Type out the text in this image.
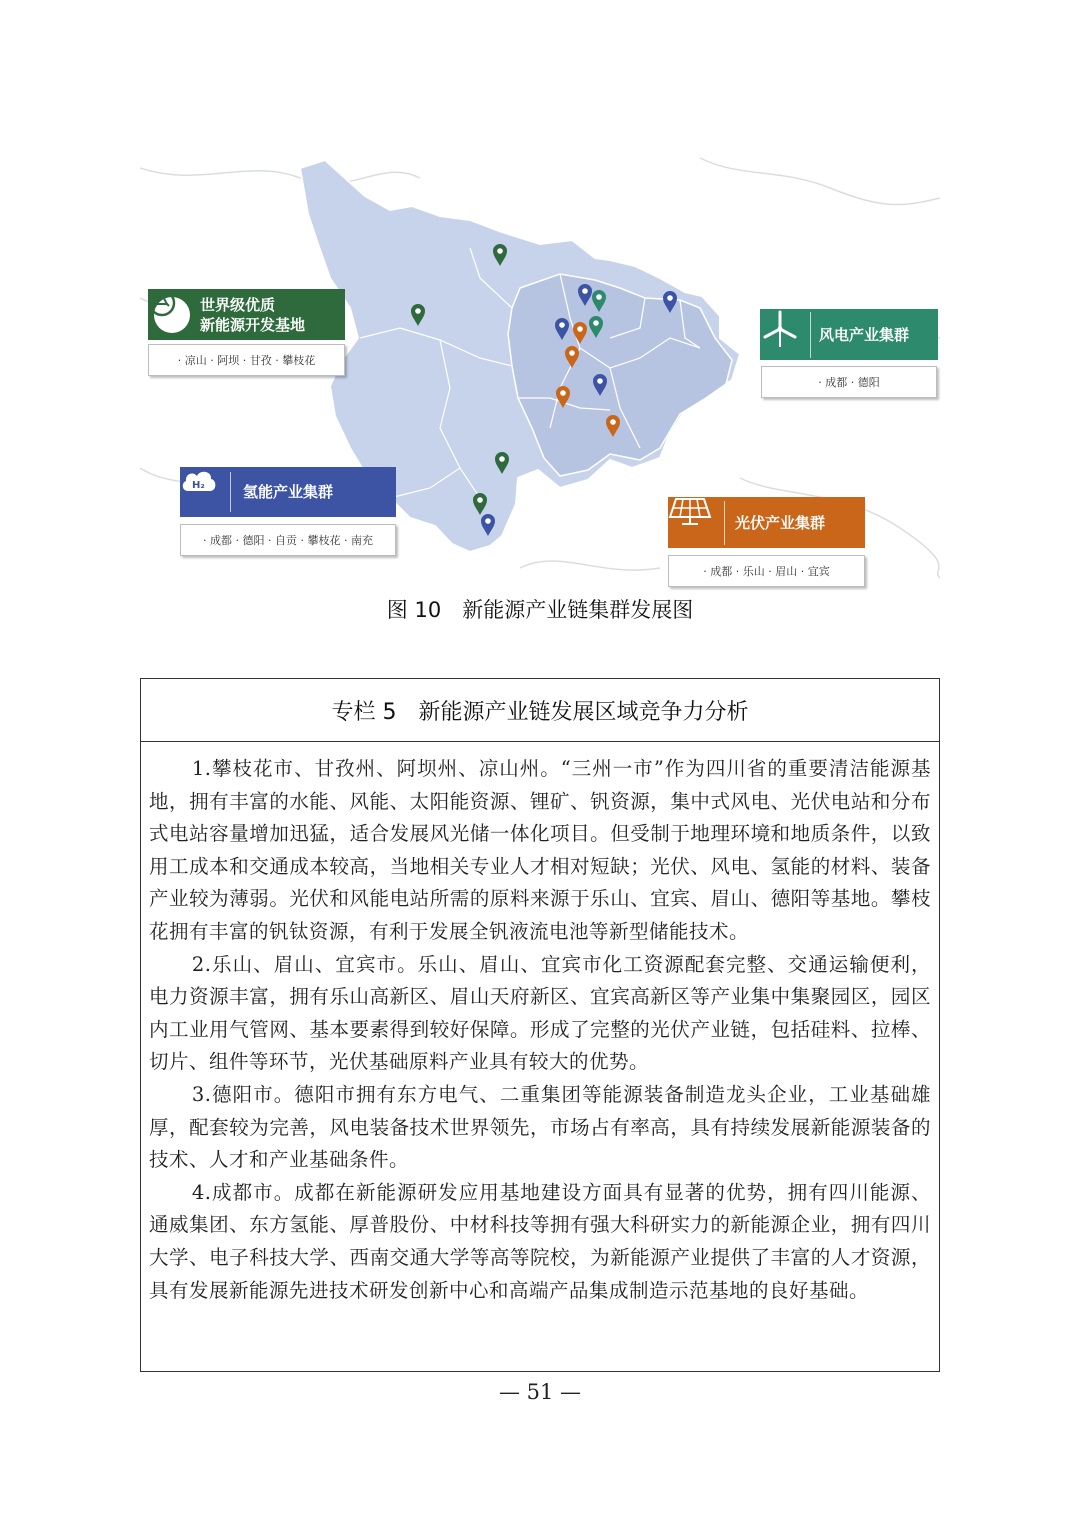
世界级优质
新能源开发基地
· 凉山 · 阿坝 · 甘孜 · 攀枝花
风电产业集群
· 成都 · 德阳
H₂	氢能产业集群
· 成都 · 德阳 · 自贡 · 攀枝花 · 南充
光伏产业集群
· 成都 · 乐山 · 眉山 · 宜宾
图 10　新能源产业链集群发展图
专栏 5　新能源产业链发展区域竞争力分析

1.攀枝花市、甘孜州、阿坝州、凉山州。“三州一市”作为四川省的重要清洁能源基地，拥有丰富的水能、风能、太阳能资源、锂矿、钒资源，集中式风电、光伏电站和分布式电站容量增加迅猛，适合发展风光储一体化项目。但受制于地理环境和地质条件，以致用工成本和交通成本较高，当地相关专业人才相对短缺；光伏、风电、氢能的材料、装备产业较为薄弱。光伏和风能电站所需的原料来源于乐山、宜宾、眉山、德阳等基地。攀枝花拥有丰富的钒钛资源，有利于发展全钒液流电池等新型储能技术。

2.乐山、眉山、宜宾市。乐山、眉山、宜宾市化工资源配套完整、交通运输便利，电力资源丰富，拥有乐山高新区、眉山天府新区、宜宾高新区等产业集中集聚园区，园区内工业用气管网、基本要素得到较好保障。形成了完整的光伏产业链，包括硅料、拉棒、切片、组件等环节，光伏基础原料产业具有较大的优势。

3.德阳市。德阳市拥有东方电气、二重集团等能源装备制造龙头企业，工业基础雄厚，配套较为完善，风电装备技术世界领先，市场占有率高，具有持续发展新能源装备的技术、人才和产业基础条件。

4.成都市。成都在新能源研发应用基地建设方面具有显著的优势，拥有四川能源、通威集团、东方氢能、厚普股份、中材科技等拥有强大科研实力的新能源企业，拥有四川大学、电子科技大学、西南交通大学等高等院校，为新能源产业提供了丰富的人才资源，具有发展新能源先进技术研发创新中心和高端产品集成制造示范基地的良好基础。

— 51 —
